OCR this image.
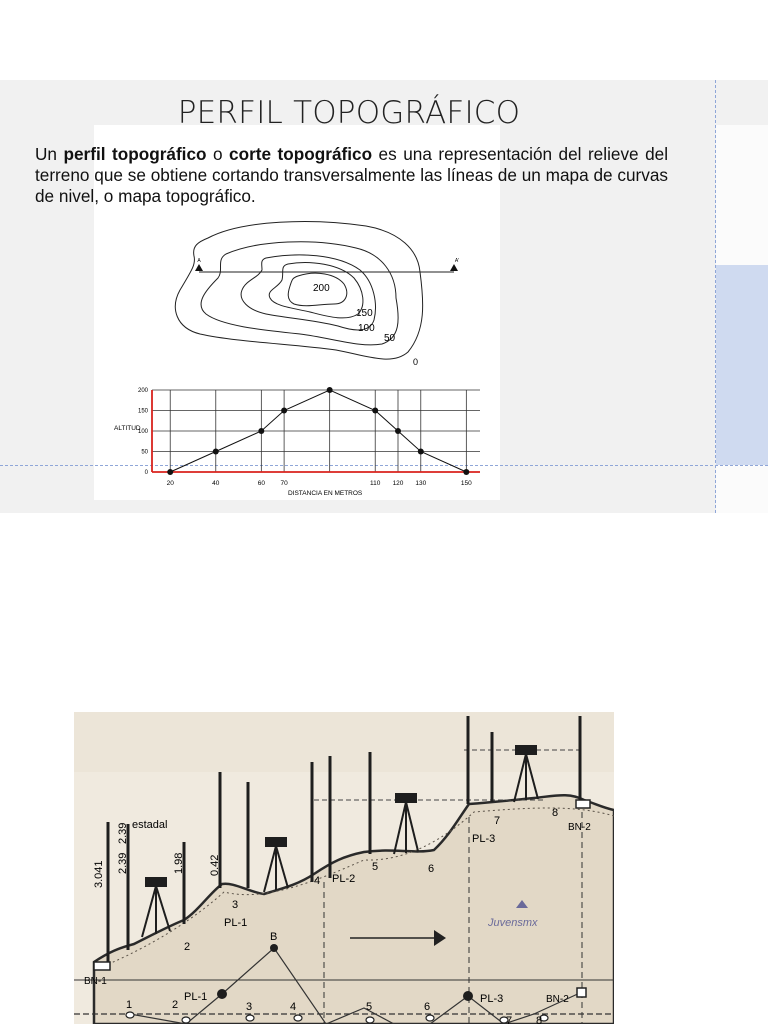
PERFIL TOPOGRÁFICO

Un perfil topográfico o corte topográfico es una representación del relieve del terreno que se obtiene cortando transversalmente las líneas de un mapa de curvas de nivel, o mapa topográfico.

A	A'
200
150
100
50
0
0
50
100
150
200
20	40	60 70	110 120 130	150
ALTITUD
DISTANCIA EN METROS
estadal
3.041
2.39
2.39	1.98 0.42
BN-1
BN-2
PL-1
PL-2
PL-3
PL-1	PL-3	BN-2
B
2
3
4
5	6
7
8
1	2	3	4	5	6
7 8
Juvensmx
